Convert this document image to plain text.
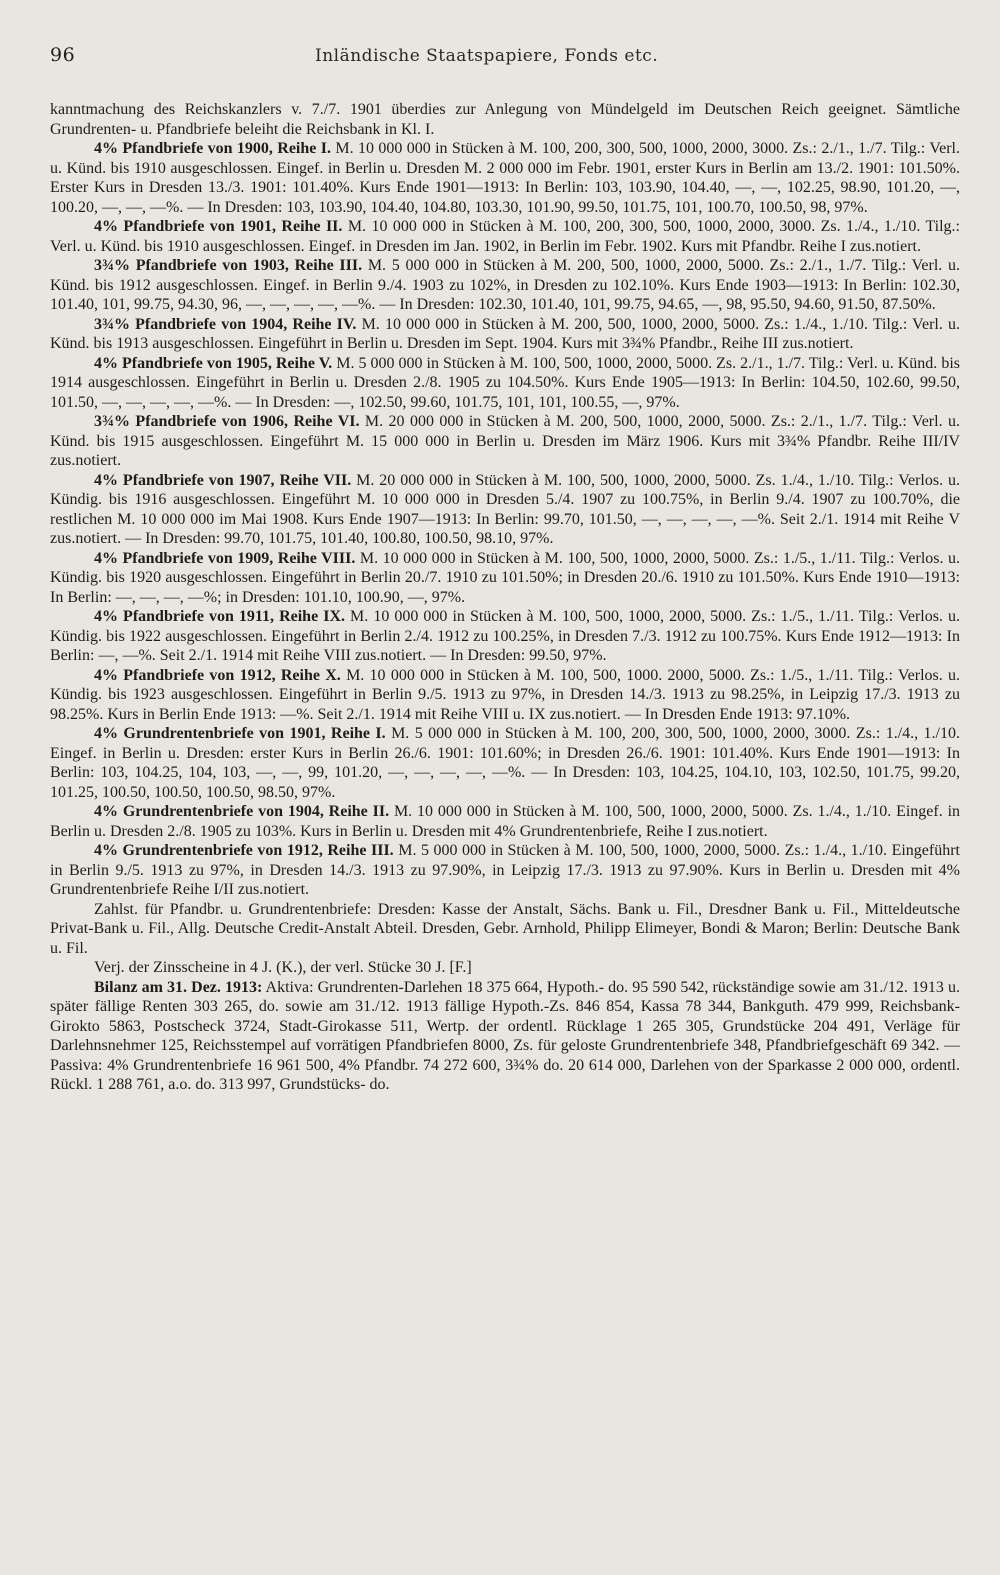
96	Inländische Staatspapiere, Fonds etc.

kanntmachung des Reichskanzlers v. 7./7. 1901 überdies zur Anlegung von Mündelgeld im Deutschen Reich geeignet. Sämtliche Grundrenten- u. Pfandbriefe beleiht die Reichsbank in Kl. I.

4% Pfandbriefe von 1900, Reihe I. M. 10 000 000 in Stücken à M. 100, 200, 300, 500, 1000, 2000, 3000. Zs.: 2./1., 1./7. Tilg.: Verl. u. Künd. bis 1910 ausgeschlossen. Eingef. in Berlin u. Dresden M. 2 000 000 im Febr. 1901, erster Kurs in Berlin am 13./2. 1901: 101.50%. Erster Kurs in Dresden 13./3. 1901: 101.40%. Kurs Ende 1901—1913: In Berlin: 103, 103.90, 104.40, —, —, 102.25, 98.90, 101.20, —, 100.20, —, —, —%. — In Dresden: 103, 103.90, 104.40, 104.80, 103.30, 101.90, 99.50, 101.75, 101, 100.70, 100.50, 98, 97%.

4% Pfandbriefe von 1901, Reihe II. M. 10 000 000 in Stücken à M. 100, 200, 300, 500, 1000, 2000, 3000. Zs. 1./4., 1./10. Tilg.: Verl. u. Künd. bis 1910 ausgeschlossen. Eingef. in Dresden im Jan. 1902, in Berlin im Febr. 1902. Kurs mit Pfandbr. Reihe I zus.notiert.

3¾% Pfandbriefe von 1903, Reihe III. M. 5 000 000 in Stücken à M. 200, 500, 1000, 2000, 5000. Zs.: 2./1., 1./7. Tilg.: Verl. u. Künd. bis 1912 ausgeschlossen. Eingef. in Berlin 9./4. 1903 zu 102%, in Dresden zu 102.10%. Kurs Ende 1903—1913: In Berlin: 102.30, 101.40, 101, 99.75, 94.30, 96, —, —, —, —, —%. — In Dresden: 102.30, 101.40, 101, 99.75, 94.65, —, 98, 95.50, 94.60, 91.50, 87.50%.

3¾% Pfandbriefe von 1904, Reihe IV. M. 10 000 000 in Stücken à M. 200, 500, 1000, 2000, 5000. Zs.: 1./4., 1./10. Tilg.: Verl. u. Künd. bis 1913 ausgeschlossen. Eingeführt in Berlin u. Dresden im Sept. 1904. Kurs mit 3¾% Pfandbr., Reihe III zus.notiert.

4% Pfandbriefe von 1905, Reihe V. M. 5 000 000 in Stücken à M. 100, 500, 1000, 2000, 5000. Zs. 2./1., 1./7. Tilg.: Verl. u. Künd. bis 1914 ausgeschlossen. Eingeführt in Berlin u. Dresden 2./8. 1905 zu 104.50%. Kurs Ende 1905—1913: In Berlin: 104.50, 102.60, 99.50, 101.50, —, —, —, —, —%. — In Dresden: —, 102.50, 99.60, 101.75, 101, 101, 100.55, —, 97%.

3¾% Pfandbriefe von 1906, Reihe VI. M. 20 000 000 in Stücken à M. 200, 500, 1000, 2000, 5000. Zs.: 2./1., 1./7. Tilg.: Verl. u. Künd. bis 1915 ausgeschlossen. Eingeführt M. 15 000 000 in Berlin u. Dresden im März 1906. Kurs mit 3¾% Pfandbr. Reihe III/IV zus.notiert.

4% Pfandbriefe von 1907, Reihe VII. M. 20 000 000 in Stücken à M. 100, 500, 1000, 2000, 5000. Zs. 1./4., 1./10. Tilg.: Verlos. u. Kündig. bis 1916 ausgeschlossen. Eingeführt M. 10 000 000 in Dresden 5./4. 1907 zu 100.75%, in Berlin 9./4. 1907 zu 100.70%, die restlichen M. 10 000 000 im Mai 1908. Kurs Ende 1907—1913: In Berlin: 99.70, 101.50, —, —, —, —, —%. Seit 2./1. 1914 mit Reihe V zus.notiert. — In Dresden: 99.70, 101.75, 101.40, 100.80, 100.50, 98.10, 97%.

4% Pfandbriefe von 1909, Reihe VIII. M. 10 000 000 in Stücken à M. 100, 500, 1000, 2000, 5000. Zs.: 1./5., 1./11. Tilg.: Verlos. u. Kündig. bis 1920 ausgeschlossen. Eingeführt in Berlin 20./7. 1910 zu 101.50%; in Dresden 20./6. 1910 zu 101.50%. Kurs Ende 1910—1913: In Berlin: —, —, —, —%; in Dresden: 101.10, 100.90, —, 97%.

4% Pfandbriefe von 1911, Reihe IX. M. 10 000 000 in Stücken à M. 100, 500, 1000, 2000, 5000. Zs.: 1./5., 1./11. Tilg.: Verlos. u. Kündig. bis 1922 ausgeschlossen. Eingeführt in Berlin 2./4. 1912 zu 100.25%, in Dresden 7./3. 1912 zu 100.75%. Kurs Ende 1912—1913: In Berlin: —, —%. Seit 2./1. 1914 mit Reihe VIII zus.notiert. — In Dresden: 99.50, 97%.

4% Pfandbriefe von 1912, Reihe X. M. 10 000 000 in Stücken à M. 100, 500, 1000. 2000, 5000. Zs.: 1./5., 1./11. Tilg.: Verlos. u. Kündig. bis 1923 ausgeschlossen. Eingeführt in Berlin 9./5. 1913 zu 97%, in Dresden 14./3. 1913 zu 98.25%, in Leipzig 17./3. 1913 zu 98.25%. Kurs in Berlin Ende 1913: —%. Seit 2./1. 1914 mit Reihe VIII u. IX zus.notiert. — In Dresden Ende 1913: 97.10%.

4% Grundrentenbriefe von 1901, Reihe I. M. 5 000 000 in Stücken à M. 100, 200, 300, 500, 1000, 2000, 3000. Zs.: 1./4., 1./10. Eingef. in Berlin u. Dresden: erster Kurs in Berlin 26./6. 1901: 101.60%; in Dresden 26./6. 1901: 101.40%. Kurs Ende 1901—1913: In Berlin: 103, 104.25, 104, 103, —, —, 99, 101.20, —, —, —, —, —%. — In Dresden: 103, 104.25, 104.10, 103, 102.50, 101.75, 99.20, 101.25, 100.50, 100.50, 100.50, 98.50, 97%.

4% Grundrentenbriefe von 1904, Reihe II. M. 10 000 000 in Stücken à M. 100, 500, 1000, 2000, 5000. Zs. 1./4., 1./10. Eingef. in Berlin u. Dresden 2./8. 1905 zu 103%. Kurs in Berlin u. Dresden mit 4% Grundrentenbriefe, Reihe I zus.notiert.

4% Grundrentenbriefe von 1912, Reihe III. M. 5 000 000 in Stücken à M. 100, 500, 1000, 2000, 5000. Zs.: 1./4., 1./10. Eingeführt in Berlin 9./5. 1913 zu 97%, in Dresden 14./3. 1913 zu 97.90%, in Leipzig 17./3. 1913 zu 97.90%. Kurs in Berlin u. Dresden mit 4% Grundrentenbriefe Reihe I/II zus.notiert.

Zahlst. für Pfandbr. u. Grundrentenbriefe: Dresden: Kasse der Anstalt, Sächs. Bank u. Fil., Dresdner Bank u. Fil., Mitteldeutsche Privat-Bank u. Fil., Allg. Deutsche Credit-Anstalt Abteil. Dresden, Gebr. Arnhold, Philipp Elimeyer, Bondi & Maron; Berlin: Deutsche Bank u. Fil.

Verj. der Zinsscheine in 4 J. (K.), der verl. Stücke 30 J. [F.]

Bilanz am 31. Dez. 1913: Aktiva: Grundrenten-Darlehen 18 375 664, Hypoth.- do. 95 590 542, rückständige sowie am 31./12. 1913 u. später fällige Renten 303 265, do. sowie am 31./12. 1913 fällige Hypoth.-Zs. 846 854, Kassa 78 344, Bankguth. 479 999, Reichsbank-Girokto 5863, Postscheck 3724, Stadt-Girokasse 511, Wertp. der ordentl. Rücklage 1 265 305, Grundstücke 204 491, Verläge für Darlehnsnehmer 125, Reichsstempel auf vorrätigen Pfandbriefen 8000, Zs. für geloste Grundrentenbriefe 348, Pfandbriefgeschäft 69 342. — Passiva: 4% Grundrentenbriefe 16 961 500, 4% Pfandbr. 74 272 600, 3¾% do. 20 614 000, Darlehen von der Sparkasse 2 000 000, ordentl. Rückl. 1 288 761, a.o. do. 313 997, Grundstücks- do.
